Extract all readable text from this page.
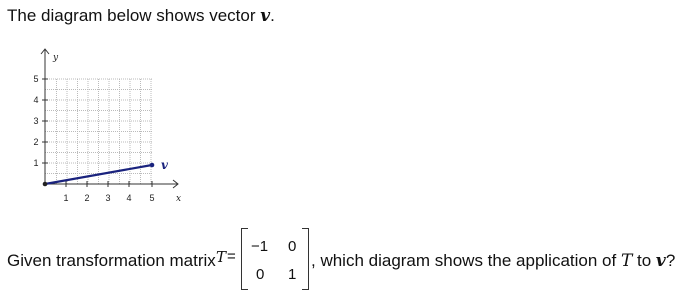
The diagram below shows vector v.
x
y
1 2 3 4 5
1
2
3
4
5
v
Given transformation matrix T =
−1 0
0 1
, which diagram shows the application of T to v?
